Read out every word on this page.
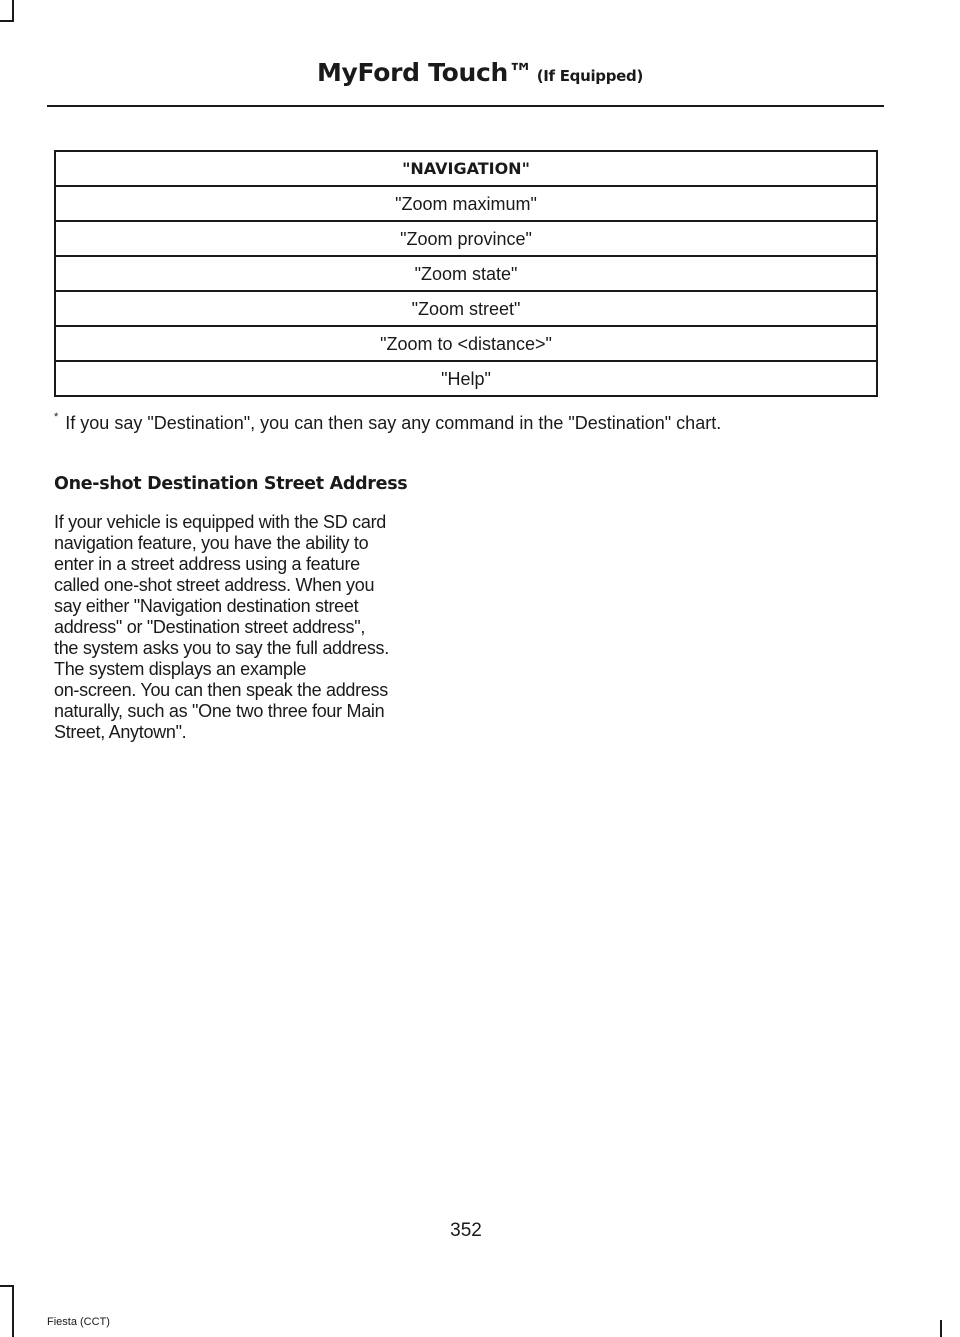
MyFord Touch™ (If Equipped)
"NAVIGATION"
"Zoom maximum"
"Zoom province"
"Zoom state"
"Zoom street"
"Zoom to <distance>"
"Help"
* If you say "Destination", you can then say any command in the "Destination" chart.
One-shot Destination Street Address
If your vehicle is equipped with the SD card
navigation feature, you have the ability to
enter in a street address using a feature
called one-shot street address. When you
say either "Navigation destination street
address" or "Destination street address",
the system asks you to say the full address.
The system displays an example
on-screen. You can then speak the address
naturally, such as "One two three four Main
Street, Anytown".
352
Fiesta (CCT)
